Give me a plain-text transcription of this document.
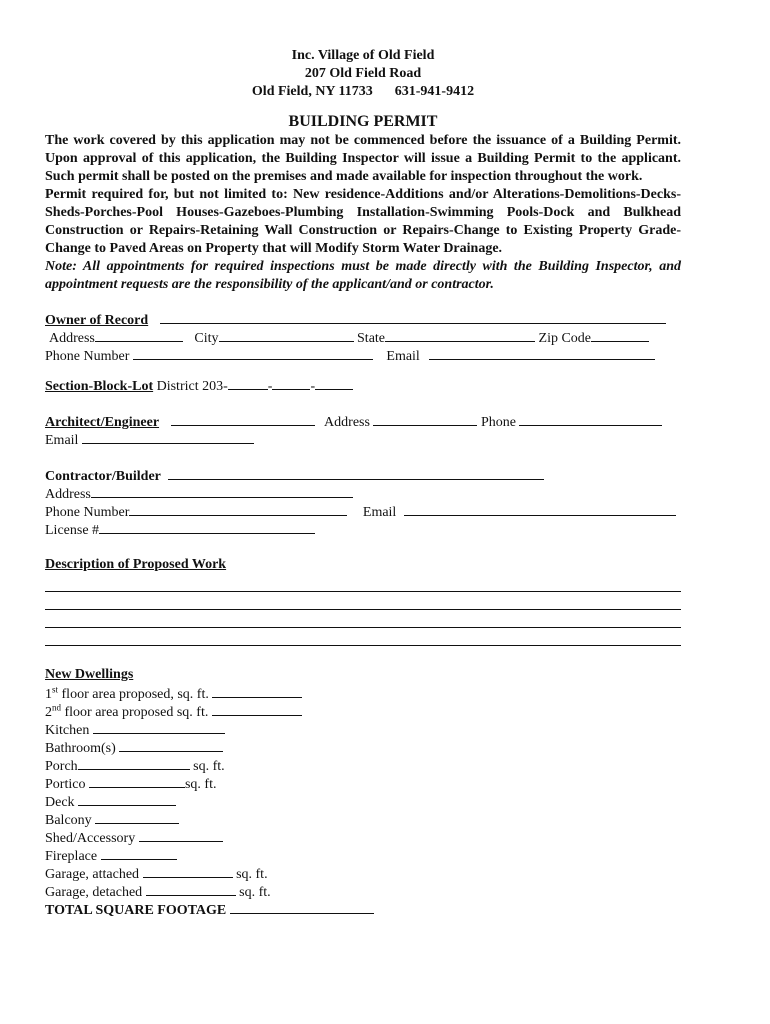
Inc. Village of Old Field
207 Old Field Road
Old Field, NY 11733 631-941-9412
BUILDING PERMIT
The work covered by this application may not be commenced before the issuance of a Building Permit. Upon approval of this application, the Building Inspector will issue a Building Permit to the applicant. Such permit shall be posted on the premises and made available for inspection throughout the work.
Permit required for, but not limited to: New residence-Additions and/or Alterations-Demolitions-Decks-Sheds-Porches-Pool Houses-Gazeboes-Plumbing Installation-Swimming Pools-Dock and Bulkhead Construction or Repairs-Retaining Wall Construction or Repairs-Change to Existing Property Grade-Change to Paved Areas on Property that will Modify Storm Water Drainage.
Note: All appointments for required inspections must be made directly with the Building Inspector, and appointment requests are the responsibility of the applicant/and or contractor.
Owner of Record
Address	City	State	Zip Code
Phone Number	Email
Section-Block-Lot District 203-	-	-
Architect/Engineer	Address	Phone
Email
Contractor/Builder
Address
Phone Number	Email
License #
Description of Proposed Work
New Dwellings
1st floor area proposed, sq. ft.
2nd floor area proposed sq. ft.
Kitchen
Bathroom(s)
Porch	sq. ft.
Portico	sq. ft.
Deck
Balcony
Shed/Accessory
Fireplace
Garage, attached	sq. ft.
Garage, detached	sq. ft.
TOTAL SQUARE FOOTAGE
